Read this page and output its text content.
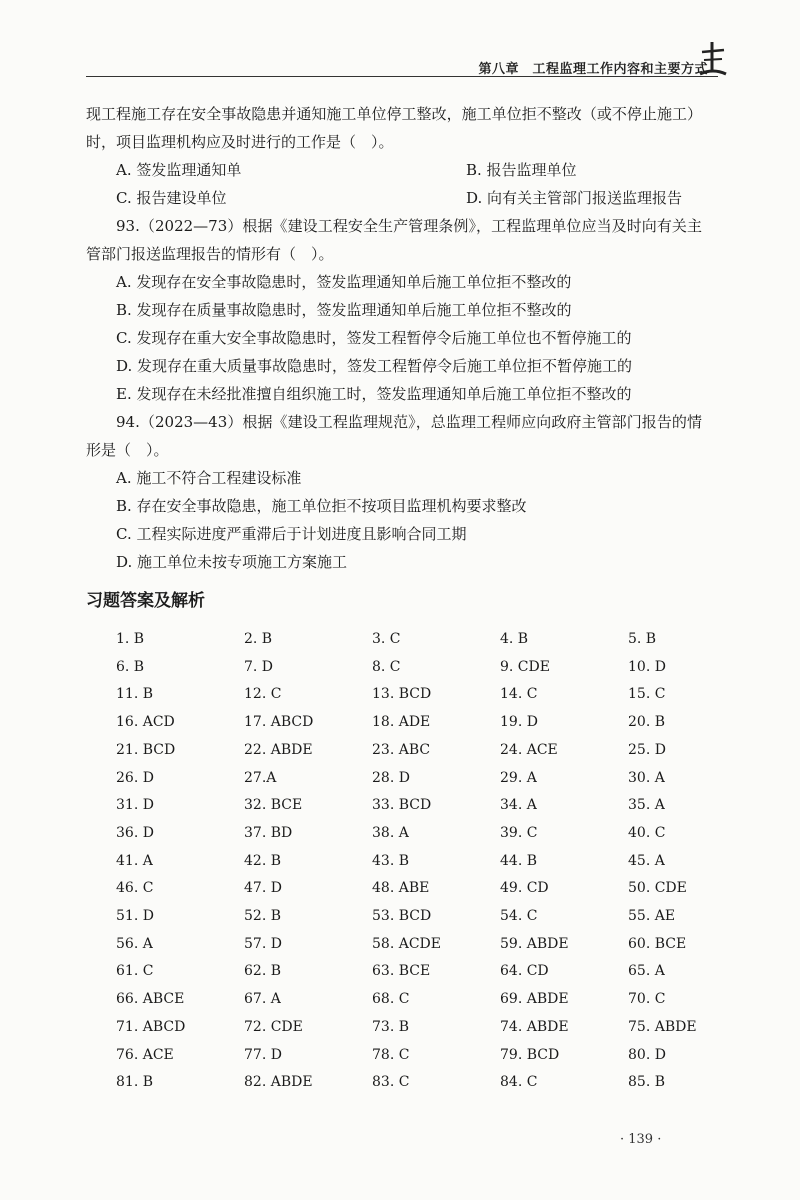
第八章　工程监理工作内容和主要方式

现工程施工存在安全事故隐患并通知施工单位停工整改，施工单位拒不整改（或不停止施工）时，项目监理机构应及时进行的工作是（　）。

A. 签发监理通知单	B. 报告监理单位
C. 报告建设单位	D. 向有关主管部门报送监理报告

93.（2022—73）根据《建设工程安全生产管理条例》，工程监理单位应当及时向有关主管部门报送监理报告的情形有（　）。

A. 发现存在安全事故隐患时，签发监理通知单后施工单位拒不整改的
B. 发现存在质量事故隐患时，签发监理通知单后施工单位拒不整改的
C. 发现存在重大安全事故隐患时，签发工程暂停令后施工单位也不暂停施工的
D. 发现存在重大质量事故隐患时，签发工程暂停令后施工单位拒不暂停施工的
E. 发现存在未经批准擅自组织施工时，签发监理通知单后施工单位拒不整改的

94.（2023—43）根据《建设工程监理规范》，总监理工程师应向政府主管部门报告的情形是（　）。

A. 施工不符合工程建设标准
B. 存在安全事故隐患，施工单位拒不按项目监理机构要求整改
C. 工程实际进度严重滞后于计划进度且影响合同工期
D. 施工单位未按专项施工方案施工
习题答案及解析
1. B	2. B	3. C	4. B	5. B
6. B	7. D	8. C	9. CDE	10. D
11. B	12. C	13. BCD	14. C	15. C
16. ACD	17. ABCD	18. ADE	19. D	20. B
21. BCD	22. ABDE	23. ABC	24. ACE	25. D
26. D	27.A	28. D	29. A	30. A
31. D	32. BCE	33. BCD	34. A	35. A
36. D	37. BD	38. A	39. C	40. C
41. A	42. B	43. B	44. B	45. A
46. C	47. D	48. ABE	49. CD	50. CDE
51. D	52. B	53. BCD	54. C	55. AE
56. A	57. D	58. ACDE	59. ABDE	60. BCE
61. C	62. B	63. BCE	64. CD	65. A
66. ABCE	67. A	68. C	69. ABDE	70. C
71. ABCD	72. CDE	73. B	74. ABDE	75. ABDE
76. ACE	77. D	78. C	79. BCD	80. D
81. B	82. ABDE	83. C	84. C	85. B
· 139 ·
